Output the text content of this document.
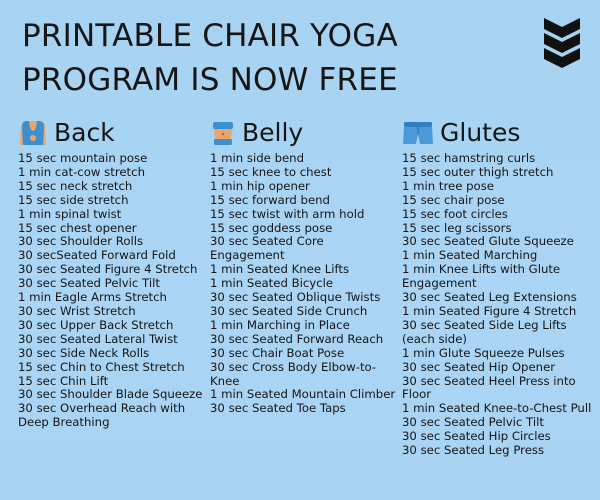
PRINTABLE CHAIR YOGA
PROGRAM IS NOW FREE
Back
15 sec mountain pose
1 min cat-cow stretch
15 sec neck stretch
15 sec side stretch
1 min spinal twist
15 sec chest opener
30 sec Shoulder Rolls
30 secSeated Forward Fold
30 sec Seated Figure 4 Stretch
30 sec Seated Pelvic Tilt
1 min Eagle Arms Stretch
30 sec Wrist Stretch
30 sec Upper Back Stretch
30 sec Seated Lateral Twist
30 sec Side Neck Rolls
15 sec Chin to Chest Stretch
15 sec Chin Lift
30 sec Shoulder Blade Squeeze
30 sec Overhead Reach with Deep Breathing
Belly
1 min side bend
15 sec knee to chest
1 min hip opener
15 sec forward bend
15 sec twist with arm hold
15 sec goddess pose
30 sec Seated Core Engagement
1 min Seated Knee Lifts
1 min Seated Bicycle
30 sec Seated Oblique Twists
30 sec Seated Side Crunch
1 min Marching in Place
30 sec Seated Forward Reach
30 sec Chair Boat Pose
30 sec Cross Body Elbow-to-Knee
1 min Seated Mountain Climber
30 sec Seated Toe Taps
Glutes
15 sec hamstring curls
15 sec outer thigh stretch
1 min tree pose
15 sec chair pose
15 sec foot circles
15 sec leg scissors
30 sec Seated Glute Squeeze
1 min Seated Marching
1 min Knee Lifts with Glute Engagement
30 sec Seated Leg Extensions
1 min Seated Figure 4 Stretch
30 sec Seated Side Leg Lifts (each side)
1 min Glute Squeeze Pulses
30 sec Seated Hip Opener
30 sec Seated Heel Press into Floor
1 min Seated Knee-to-Chest Pull
30 sec Seated Pelvic Tilt
30 sec Seated Hip Circles
30 sec Seated Leg Press
